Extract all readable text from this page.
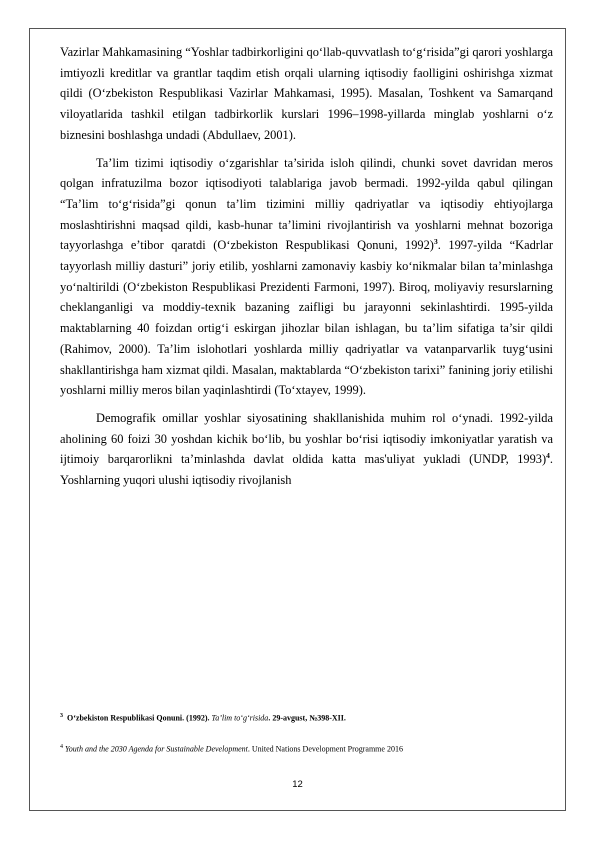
Vazirlar Mahkamasining “Yoshlar tadbirkorligini qo‘llab-quvvatlash to‘g‘risida”gi qarori yoshlarga imtiyozli kreditlar va grantlar taqdim etish orqali ularning iqtisodiy faolligini oshirishga xizmat qildi (O‘zbekiston Respublikasi Vazirlar Mahkamasi, 1995). Masalan, Toshkent va Samarqand viloyatlarida tashkil etilgan tadbirkorlik kurslari 1996–1998-yillarda minglab yoshlarni o‘z biznesini boshlashga undadi (Abdullaev, 2001).

Ta’lim tizimi iqtisodiy o‘zgarishlar ta’sirida isloh qilindi, chunki sovet davridan meros qolgan infratuzilma bozor iqtisodiyoti talablariga javob bermadi. 1992-yilda qabul qilingan “Ta’lim to‘g‘risida”gi qonun ta’lim tizimini milliy qadriyatlar va iqtisodiy ehtiyojlarga moslashtirishni maqsad qildi, kasb-hunar ta’limini rivojlantirish va yoshlarni mehnat bozoriga tayyorlashga e’tibor qaratdi (O‘zbekiston Respublikasi Qonuni, 1992)$^3$. 1997-yilda “Kadrlar tayyorlash milliy dasturi” joriy etilib, yoshlarni zamonaviy kasbiy ko‘nikmalar bilan ta’minlashga yo‘naltirildi (O‘zbekiston Respublikasi Prezidenti Farmoni, 1997). Biroq, moliyaviy resurslarning cheklanganligi va moddiy-texnik bazaning zaifligi bu jarayonni sekinlashtirdi. 1995-yilda maktablarning 40 foizdan ortig‘i eskirgan jihozlar bilan ishlagan, bu ta’lim sifatiga ta’sir qildi (Rahimov, 2000). Ta’lim islohotlari yoshlarda milliy qadriyatlar va vatanparvarlik tuyg‘usini shakllantirishga ham xizmat qildi. Masalan, maktablarda “O‘zbekiston tarixi” fanining joriy etilishi yoshlarni milliy meros bilan yaqinlashtirdi (To‘xtayev, 1999).

Demografik omillar yoshlar siyosatining shakllanishida muhim rol o‘ynadi. 1992-yilda aholining 60 foizi 30 yoshdan kichik bo‘lib, bu yoshlar bo‘risi iqtisodiy imkoniyatlar yaratish va ijtimoiy barqarorlikni ta’minlashda davlat oldida katta mas'uliyat yukladi (UNDP, 1993)$^4$. Yoshlarning yuqori ulushi iqtisodiy rivojlanish

$^3$ O‘zbekiston Respublikasi Qonuni. (1992). Ta’lim to‘g‘risida. 29-avgust, №398-XII.

$^4$ Youth and the 2030 Agenda for Sustainable Development. United Nations Development Programme 2016

12
